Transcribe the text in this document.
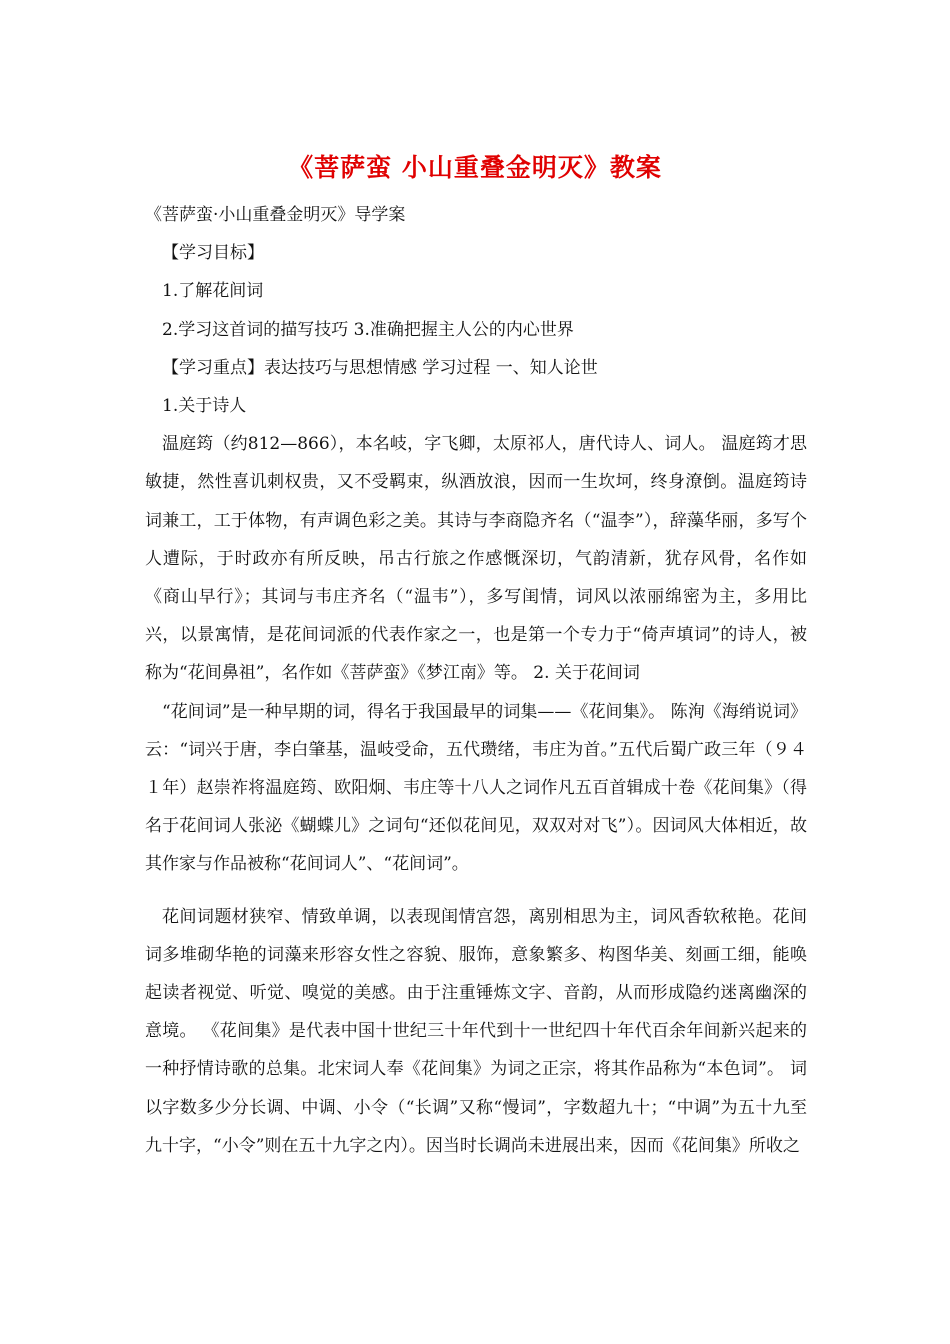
《菩萨蛮 小山重叠金明灭》教案

《菩萨蛮·小山重叠金明灭》导学案

【学习目标】

1.了解花间词

2.学习这首词的描写技巧 3.准确把握主人公的内心世界

【学习重点】表达技巧与思想情感 学习过程 一、知人论世

1.关于诗人

温庭筠（约812—866），本名岐，字飞卿，太原祁人，唐代诗人、词人。 温庭筠才思敏捷，然性喜讥刺权贵，又不受羁束，纵酒放浪，因而一生坎坷，终身潦倒。温庭筠诗词兼工，工于体物，有声调色彩之美。其诗与李商隐齐名（“温李”），辞藻华丽，多写个人遭际，于时政亦有所反映，吊古行旅之作感慨深切，气韵清新，犹存风骨，名作如《商山早行》；其词与韦庄齐名（“温韦”），多写闺情，词风以浓丽绵密为主，多用比兴，以景寓情，是花间词派的代表作家之一，也是第一个专力于“倚声填词”的诗人，被称为“花间鼻祖”，名作如《菩萨蛮》《梦江南》等。 2. 关于花间词

“花间词”是一种早期的词，得名于我国最早的词集——《花间集》。 陈洵《海绡说词》云：“词兴于唐，李白肇基，温岐受命，五代瓒绪，韦庄为首。”五代后蜀广政三年（９４１年）赵崇祚将温庭筠、欧阳炯、韦庄等十八人之词作凡五百首辑成十卷《花间集》（得名于花间词人张泌《蝴蝶儿》之词句“还似花间见，双双对对飞”）。因词风大体相近，故其作家与作品被称“花间词人”、“花间词”。

花间词题材狭窄、情致单调，以表现闺情宫怨，离别相思为主，词风香软秾艳。花间词多堆砌华艳的词藻来形容女性之容貌、服饰，意象繁多、构图华美、刻画工细，能唤起读者视觉、听觉、嗅觉的美感。由于注重锤炼文字、音韵，从而形成隐约迷离幽深的意境。 《花间集》是代表中国十世纪三十年代到十一世纪四十年代百余年间新兴起来的一种抒情诗歌的总集。北宋词人奉《花间集》为词之正宗，将其作品称为“本色词”。 词以字数多少分长调、中调、小令（“长调”又称“慢词”，字数超九十；“中调”为五十九至九十字，“小令”则在五十九字之内）。因当时长调尚未进展出来，因而《花间集》所收之
